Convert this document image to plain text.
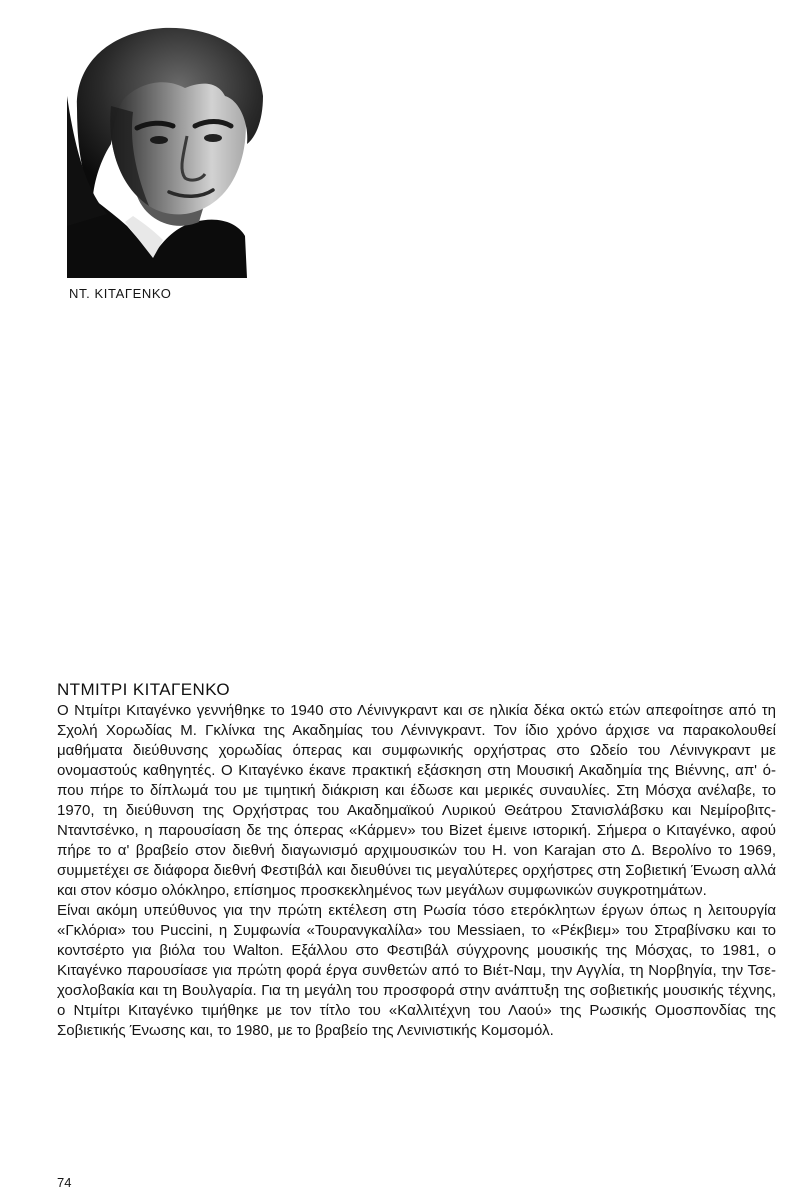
ΝΤ. ΚΙΤΑΓΕΝΚΟ
ΝΤΜΙΤΡΙ ΚΙΤΑΓΕΝΚΟ

Ο Ντμίτρι Κιταγένκο γεννήθηκε το 1940 στο Λένινγκραντ και σε ηλικία δέκα οκτώ ετών απεφοίτησε από τη Σχολή Χορωδίας Μ. Γκλίνκα της Ακαδημίας του Λένινγκραντ. Τον ίδιο χρόνο άρχισε να παρακολουθεί μαθήματα διεύθυνσης χορωδίας όπερας και συμφωνικής ορχήστρας στο Ωδείο του Λένινγκραντ με ονομαστούς καθηγητές. Ο Κιταγένκο έκανε πρακτική εξάσκηση στη Μουσική Ακαδημία της Βιέννης, απ' όπου πήρε το δίπλωμά του με τιμητική διάκριση και έδωσε και μερικές συναυλίες. Στη Μόσχα ανέλαβε, το 1970, τη διεύθυνση της Ορχήστρας του Ακαδημαϊκού Λυρικού Θεάτρου Στανισλάβσκυ και Νεμίροβιτς-Νταντσένκο, η παρουσίαση δε της όπερας «Κάρμεν» του Bizet έμεινε ιστορική. Σήμερα ο Κιταγένκο, αφού πήρε το α' βραβείο στον διεθνή διαγωνισμό αρχιμουσικών του H. von Karajan στο Δ. Βερολίνο το 1969, συμμετέχει σε διάφορα διεθνή Φεστιβάλ και διευθύνει τις μεγαλύτερες ορχήστρες στη Σοβιετική Ένωση αλλά και στον κόσμο ολόκληρο, επίσημος προσκεκλημένος των μεγάλων συμφωνικών συγκροτημάτων.

Είναι ακόμη υπεύθυνος για την πρώτη εκτέλεση στη Ρωσία τόσο ετερόκλητων έργων όπως η λειτουργία «Γκλόρια» του Puccini, η Συμφωνία «Τουρανγκαλίλα» του Messiaen, το «Ρέκβιεμ» του Στραβίνσκυ και το κοντσέρτο για βιόλα του Walton. Εξάλλου στο Φεστιβάλ σύγχρονης μουσικής της Μόσχας, το 1981, ο Κιταγένκο παρουσίασε για πρώτη φορά έργα συνθετών από το Βιέτ-Ναμ, την Αγγλία, τη Νορβηγία, την Τσεχοσλοβακία και τη Βουλγαρία. Για τη μεγάλη του προσφορά στην ανάπτυξη της σοβιετικής μουσικής τέχνης, ο Ντμίτρι Κιταγένκο τιμήθηκε με τον τίτλο του «Καλλιτέχνη του Λαού» της Ρωσικής Ομοσπονδίας της Σοβιετικής Ένωσης και, το 1980, με το βραβείο της Λενινιστικής Κομσομόλ.

74
